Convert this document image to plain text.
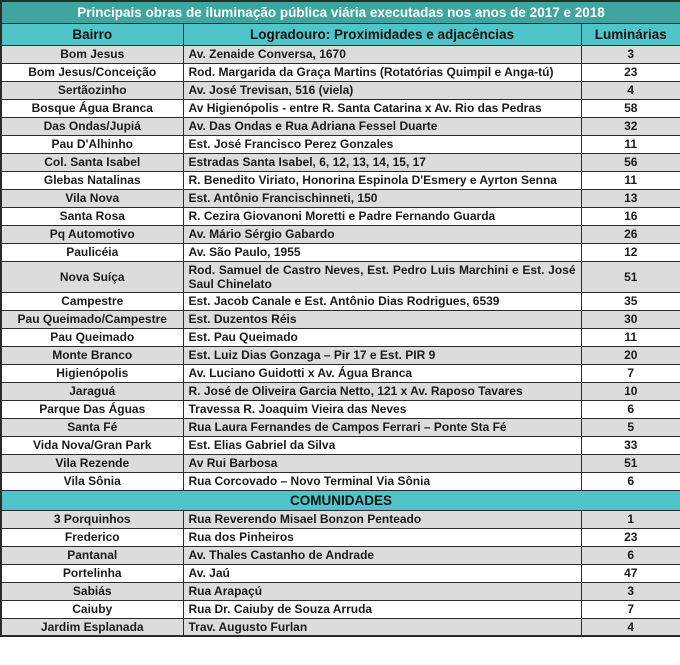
Principais obras de iluminação pública viária executadas nos anos de 2017 e 2018		
Bairro	Logradouro: Proximidades e adjacências	Luminárias
Bom Jesus	Av. Zenaide Conversa, 1670	3
Bom Jesus/Conceição	Rod. Margarida da Graça Martins (Rotatórias Quimpil e Anga-tú)	23
Sertãozinho	Av. José Trevisan, 516 (viela)	4
Bosque Água Branca	Av Higienópolis - entre R. Santa Catarina x Av. Rio das Pedras	58
Das Ondas/Jupiá	Av. Das Ondas e Rua Adriana Fessel Duarte	32
Pau D'Alhinho	Est. José Francisco Perez Gonzales	11
Col. Santa Isabel	Estradas Santa Isabel, 6, 12, 13, 14, 15, 17	56
Glebas Natalinas	R. Benedito Viriato, Honorina Espinola D'Esmery e Ayrton Senna	11
Vila Nova	Est. Antônio Francischinneti, 150	13
Santa Rosa	R. Cezira Giovanoni Moretti e Padre Fernando Guarda	16
Pq Automotivo	Av. Mário Sérgio Gabardo	26
Paulicéia	Av. São Paulo, 1955	12
Nova Suíça	Rod. Samuel de Castro Neves, Est. Pedro Luis Marchini e Est. José Saul Chinelato	51
Campestre	Est. Jacob Canale e Est. Antônio Dias Rodrigues, 6539	35
Pau Queimado/Campestre	Est. Duzentos Réis	30
Pau Queimado	Est. Pau Queimado	11
Monte Branco	Est. Luiz Dias Gonzaga – Pir 17 e Est. PIR 9	20
Higienópolis	Av. Luciano Guidotti x Av. Água Branca	7
Jaraguá	R. José de Oliveira Garcia Netto, 121 x Av. Raposo Tavares	10
Parque Das Águas	Travessa R. Joaquim Vieira das Neves	6
Santa Fé	Rua Laura Fernandes de Campos Ferrari – Ponte Sta Fé	5
Vida Nova/Gran Park	Est. Elias Gabriel da Silva	33
Vila Rezende	Av Rui Barbosa	51
Vila Sônia	Rua Corcovado – Novo Terminal Via Sônia	6
COMUNIDADES		
3 Porquinhos	Rua Reverendo Misael Bonzon Penteado	1
Frederico	Rua dos Pinheiros	23
Pantanal	Av. Thales Castanho de Andrade	6
Portelinha	Av. Jaú	47
Sabiás	Rua Arapaçú	3
Caiuby	Rua Dr. Caiuby de Souza Arruda	7
Jardim Esplanada	Trav. Augusto Furlan	4
